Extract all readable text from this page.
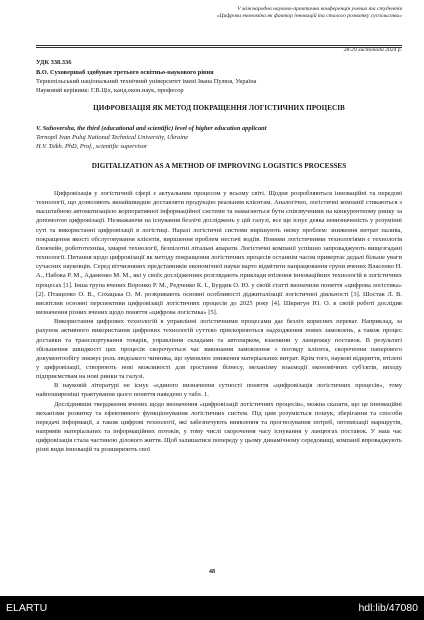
V міжнародна науково-практична конференція учених та студентів
«Цифрова економіка як фактор інновацій та сталого розвитку суспільства»
28-29 листопада 2024 р.
УДК 338.336
В.О. Суховершаб здобувач третього освітньо-наукового рівня
Тернопільський національний технічний університет імені Івана Пулюя, Україна
Науковий керівник: Г.В.Ціх, канд.екон.наук, професор
ЦИФРОВІЗАЦІЯ ЯК МЕТОД ПОКРАЩЕННЯ ЛОГІСТИЧНИХ ПРОЦЕСІВ
V. Suhovershа, the third (educational and scientific) level of higher education applicant
Ternopil Ivan Puluj National Technical University, Ukraine
H.V. Tsikh. PhD, Prof., scientific supervisor
DIGITALIZATION AS A METHOD OF IMPROVING LOGISTICS PROCESSES

Цифровізація у логістичній сфері є актуальним процесом у всьому світі. Щодня розробляються інноваційні та передові технології, що дозволяють якнайшвидше доставляти продукцію реальним клієнтам. Аналогічно, логістичні компанії стикаються з масштабною автоматизацією корпоративної інформаційної системи та намагаються бути співзвучними на конкурентному ринку за допомогою цифровізації. Незважаючи на існування безлічі досліджень у цій галузі, все ще існує деяка невизначеність у розумінні суті та використанні цифровізації в логістиці. Наразі логістичні системи вирішують низку проблем: зниження витрат палива, покращення якості обслуговування клієнтів, вирішення проблем нестачі водіїв. Новими логістичними технологіями є технологія блокчейн, робототехніка, хмарні технології, безпілотні літальні апарати. Логістичні компанії успішно запроваджують вищезгадані технології. Питання щодо цифровізації як методу покращення логістичних процесів останнім часом привертає дедалі більше уваги сучасних науковців. Серед вітчизняних представників економічної науки варто відмітити напрацювання групи вчених Власенко Н. А., Набока Р. М., Адаменко М. М., які у своїх дослідженнях розглядають приклади втілення інноваційних технологій в логістичних процесах [1]. Інша група вчених Воронко Р. М., Редченко К. І., Бурдик О. Ю. у своїй статті визначили поняття «цифрова логістика» [2]. Птащенко О. В., Сохацька О. М. розкривають основні особливості діджиталізації логістичної діяльності [3]. Шостак Л. В. висвітлив основні перспективи цифровізації логістичних процесів до 2025 року [4]. Шкригун Ю. О. в своїй роботі дослідив визначення різних вчених щодо поняття «цифрова логістика» [5].

Використання цифрових технологій в управлінні логістичними процесами дає безліч корисних переваг. Наприклад, за рахунок активного використання цифрових технологій суттєво прискорюються надходження нових замовлень, а також процес доставки та транспортування товарів, управління складами та автопарком, взаємини у ланцюжку поставок. В результаті збільшення швидкості цих процесів скорочується час виконання замовлення з погляду клієнта, скорочення паперового документообігу знижує роль людського чинника, що зумовлює зниження матеріальних витрат. Крім того, наукові відкриття, втілені у цифровізації, створюють нові можливості для зростання бізнесу, механізму взаємодії економічних суб'єктів, виходу підприємствам на нові ринки та галузі.

В науковій літературі не існує «єдиного визначення сутності поняття «цифровізація логістичних процесів», тому найпоширеніші трактування цього поняття наведено у табл. 1.

Досліднивши твердження вчених щодо визначення «цифровізації логістичних процесів», можна сказати, що це інноваційні механізми розвитку та ефективного функціонування логістичних систем. Під цим розуміється пошук, зберігання та способи передачі інформації, а також цифрові технології, які забезпечують виявлення та прогнозування потреб, оптимізації маршрутів, напрямів матеріальних та інформаційних потоків, у тому числі скорочення часу існування у ланцюгах поставок. У наш час цифровізація стала частиною ділового життя. Щоб залишатися попереду у цьому динамічному середовищі, компанії впроваджують різні види інновацій та розширюють свої

48
ELARTU	hdl:lib/47080
